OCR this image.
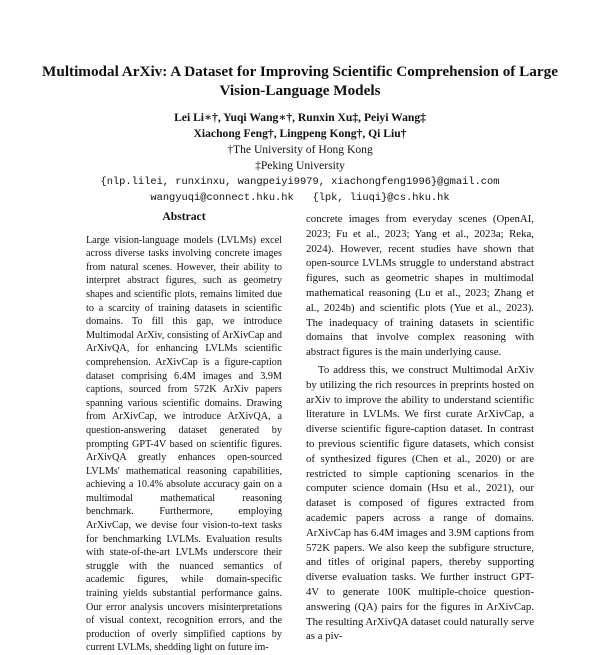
Multimodal ArXiv: A Dataset for Improving Scientific Comprehension of Large Vision-Language Models
Lei Li∗†, Yuqi Wang∗†, Runxin Xu‡, Peiyi Wang‡
Xiachong Feng†, Lingpeng Kong†, Qi Liu†
†The University of Hong Kong
‡Peking University
{nlp.lilei, runxinxu, wangpeiyi9979, xiachongfeng1996}@gmail.com
wangyuqi@connect.hku.hk   {lpk, liuqi}@cs.hku.hk
Abstract
Large vision-language models (LVLMs) excel across diverse tasks involving concrete images from natural scenes. However, their ability to interpret abstract figures, such as geometry shapes and scientific plots, remains limited due to a scarcity of training datasets in scientific domains. To fill this gap, we introduce Multimodal ArXiv, consisting of ArXivCap and ArXivQA, for enhancing LVLMs scientific comprehension. ArXivCap is a figure-caption dataset comprising 6.4M images and 3.9M captions, sourced from 572K ArXiv papers spanning various scientific domains. Drawing from ArXivCap, we introduce ArXivQA, a question-answering dataset generated by prompting GPT-4V based on scientific figures. ArXivQA greatly enhances open-sourced LVLMs' mathematical reasoning capabilities, achieving a 10.4% absolute accuracy gain on a multimodal mathematical reasoning benchmark. Furthermore, employing ArXivCap, we devise four vision-to-text tasks for benchmarking LVLMs. Evaluation results with state-of-the-art LVLMs underscore their struggle with the nuanced semantics of academic figures, while domain-specific training yields substantial performance gains. Our error analysis uncovers misinterpretations of visual context, recognition errors, and the production of overly simplified captions by current LVLMs, shedding light on future im-

concrete images from everyday scenes (OpenAI, 2023; Fu et al., 2023; Yang et al., 2023a; Reka, 2024). However, recent studies have shown that open-source LVLMs struggle to understand abstract figures, such as geometric shapes in multimodal mathematical reasoning (Lu et al., 2023; Zhang et al., 2024b) and scientific plots (Yue et al., 2023). The inadequacy of training datasets in scientific domains that involve complex reasoning with abstract figures is the main underlying cause.

To address this, we construct Multimodal ArXiv by utilizing the rich resources in preprints hosted on arXiv to improve the ability to understand scientific literature in LVLMs. We first curate ArXivCap, a diverse scientific figure-caption dataset. In contrast to previous scientific figure datasets, which consist of synthesized figures (Chen et al., 2020) or are restricted to simple captioning scenarios in the computer science domain (Hsu et al., 2021), our dataset is composed of figures extracted from academic papers across a range of domains. ArXivCap has 6.4M images and 3.9M captions from 572K papers. We also keep the subfigure structure, and titles of original papers, thereby supporting diverse evaluation tasks. We further instruct GPT-4V to generate 100K multiple-choice question-answering (QA) pairs for the figures in ArXivCap. The resulting ArXivQA dataset could naturally serve as a piv-
